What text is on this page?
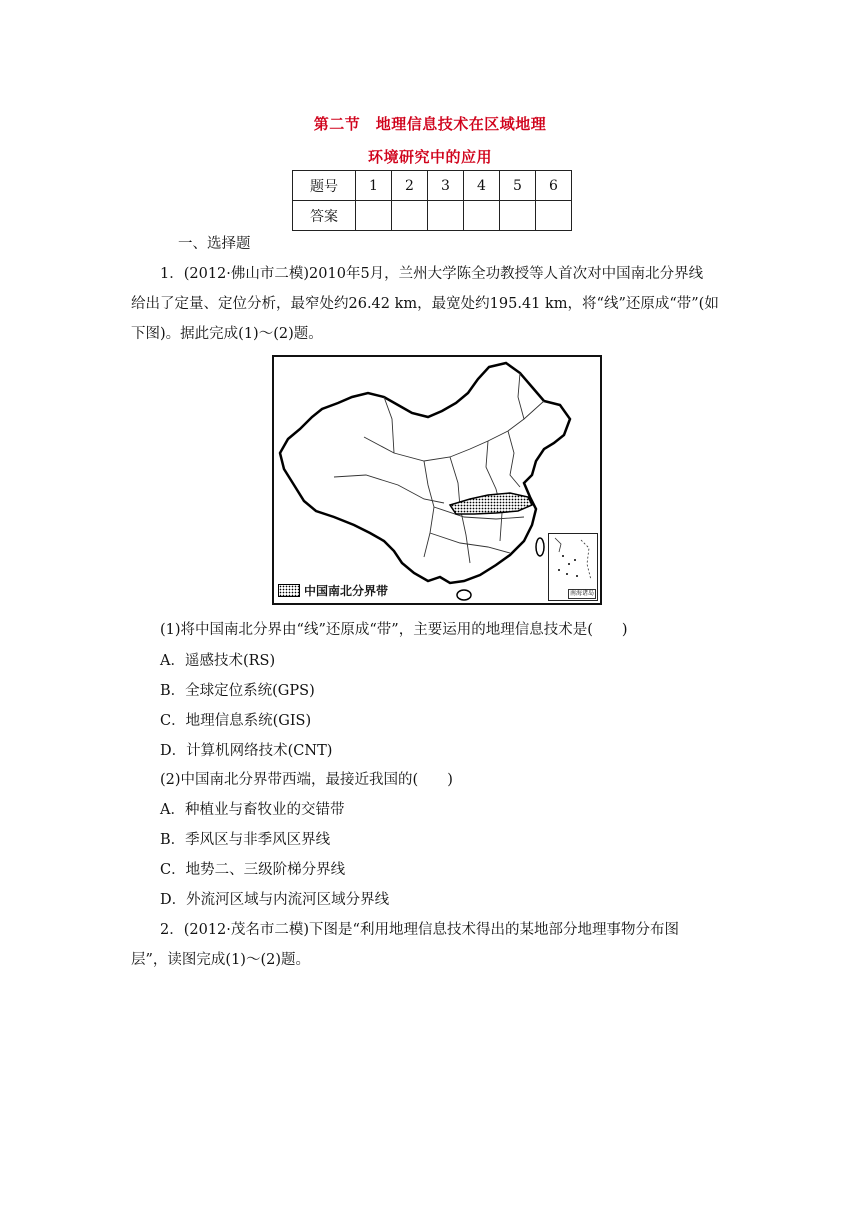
第二节　地理信息技术在区域地理
环境研究中的应用
题号	1	2	3	4	5	6
答案						
一、选择题
1．(2012·佛山市二模)2010年5月，兰州大学陈全功教授等人首次对中国南北分界线
给出了定量、定位分析，最窄处约26.42 km，最宽处约195.41 km，将“线”还原成“带”(如
下图)。据此完成(1)～(2)题。
中国南北分界带	南海诸岛
(1)将中国南北分界由“线”还原成“带”，主要运用的地理信息技术是(　　)
A．遥感技术(RS)
B．全球定位系统(GPS)
C．地理信息系统(GIS)
D．计算机网络技术(CNT)
(2)中国南北分界带西端，最接近我国的(　　)
A．种植业与畜牧业的交错带
B．季风区与非季风区界线
C．地势二、三级阶梯分界线
D．外流河区域与内流河区域分界线
2．(2012·茂名市二模)下图是“利用地理信息技术得出的某地部分地理事物分布图
层”，读图完成(1)～(2)题。
